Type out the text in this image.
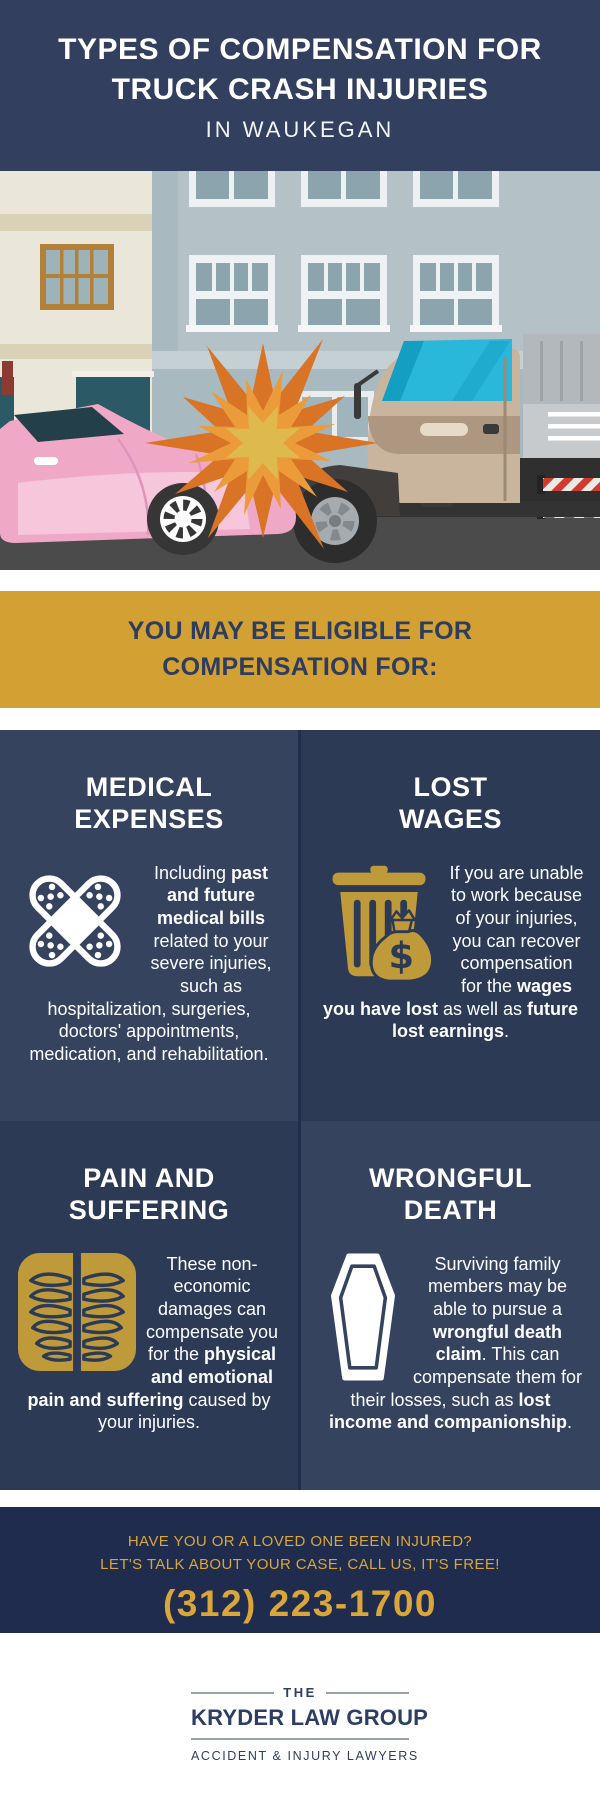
TYPES OF COMPENSATION FOR
TRUCK CRASH INJURIES
IN WAUKEGAN
YOU MAY BE ELIGIBLE FOR
COMPENSATION FOR:
MEDICAL
EXPENSES

Including past and future medical bills related to your severe injuries, such as hospitalization, surgeries, doctors' appointments, medication, and rehabilitation.

LOST
WAGES
$

If you are unable to work because of your injuries, you can recover compensation for the wages you have lost as well as future lost earnings.

PAIN AND
SUFFERING

These non-economic damages can compensate you for the physical and emotional pain and suffering caused by your injuries.

WRONGFUL
DEATH

Surviving family members may be able to pursue a wrongful death claim. This can compensate them for their losses, such as lost income and companionship.

HAVE YOU OR A LOVED ONE BEEN INJURED?
LET'S TALK ABOUT YOUR CASE, CALL US, IT'S FREE!
(312) 223-1700
THE
KRYDER LAW GROUP
ACCIDENT & INJURY LAWYERS
